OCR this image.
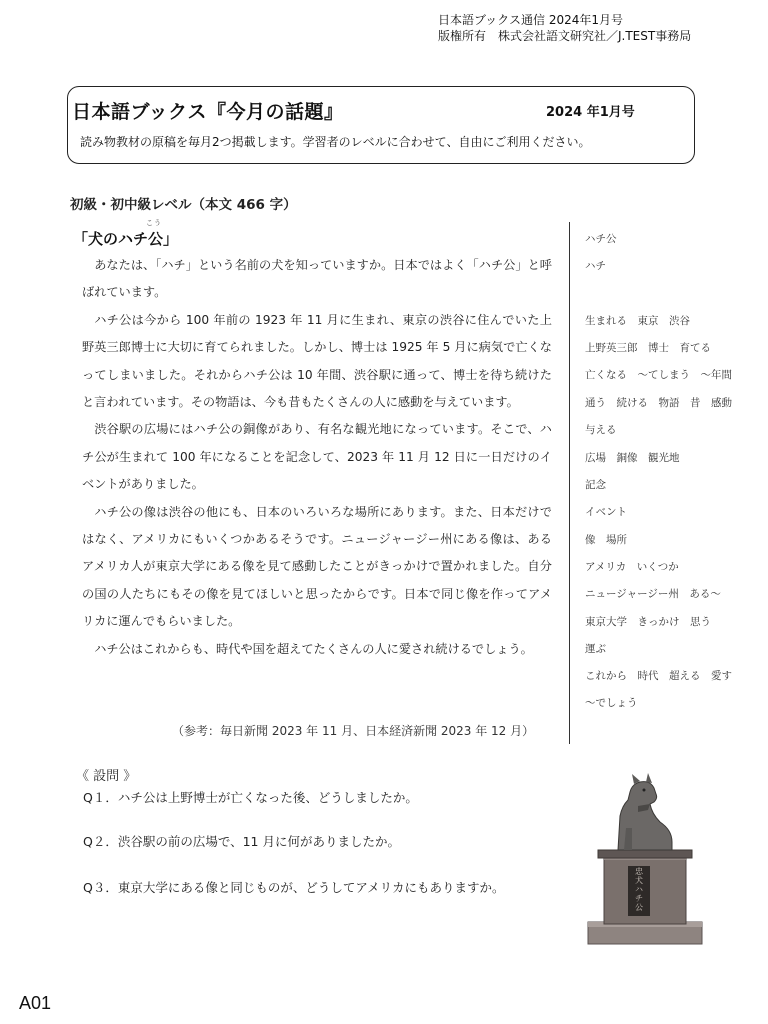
日本語ブックス通信 2024年1月号
版権所有　株式会社語文研究社／J.TEST事務局
日本語ブックス『今月の話題』	2024 年1月号
読み物教材の原稿を毎月2つ掲載します。学習者のレベルに合わせて、自由にご利用ください。
初級・初中級レベル（本文 466 字）
こう
「犬のハチ公」

あなたは、「ハチ」という名前の犬を知っていますか。日本ではよく「ハチ公」と呼ばれています。

ハチ公は今から 100 年前の 1923 年 11 月に生まれ、東京の渋谷に住んでいた上野英三郎博士に大切に育てられました。しかし、博士は 1925 年 5 月に病気で亡くなってしまいました。それからハチ公は 10 年間、渋谷駅に通って、博士を待ち続けたと言われています。その物語は、今も昔もたくさんの人に感動を与えています。

渋谷駅の広場にはハチ公の銅像があり、有名な観光地になっています。そこで、ハチ公が生まれて 100 年になることを記念して、2023 年 11 月 12 日に一日だけのイベントがありました。

ハチ公の像は渋谷の他にも、日本のいろいろな場所にあります。また、日本だけではなく、アメリカにもいくつかあるそうです。ニュージャージー州にある像は、あるアメリカ人が東京大学にある像を見て感動したことがきっかけで置かれました。自分の国の人たちにもその像を見てほしいと思ったからです。日本で同じ像を作ってアメリカに運んでもらいました。

ハチ公はこれからも、時代や国を超えてたくさんの人に愛され続けるでしょう。

（参考：毎日新聞 2023 年 11 月、日本経済新聞 2023 年 12 月）
ハチ公
ハチ
生まれる　東京　渋谷
上野英三郎　博士　育てる
亡くなる　〜てしまう　〜年間
通う　続ける　物語　昔　感動
与える
広場　銅像　観光地
記念
イベント
像　場所
アメリカ　いくつか
ニュージャージー州　ある〜
東京大学　きっかけ　思う
運ぶ
これから　時代　超える　愛す
〜でしょう
《 設問 》
Q１．ハチ公は上野博士が亡くなった後、どうしましたか。
Q２．渋谷駅の前の広場で、11 月に何がありましたか。
Q３．東京大学にある像と同じものが、どうしてアメリカにもありますか。
忠犬ハチ公
A01
